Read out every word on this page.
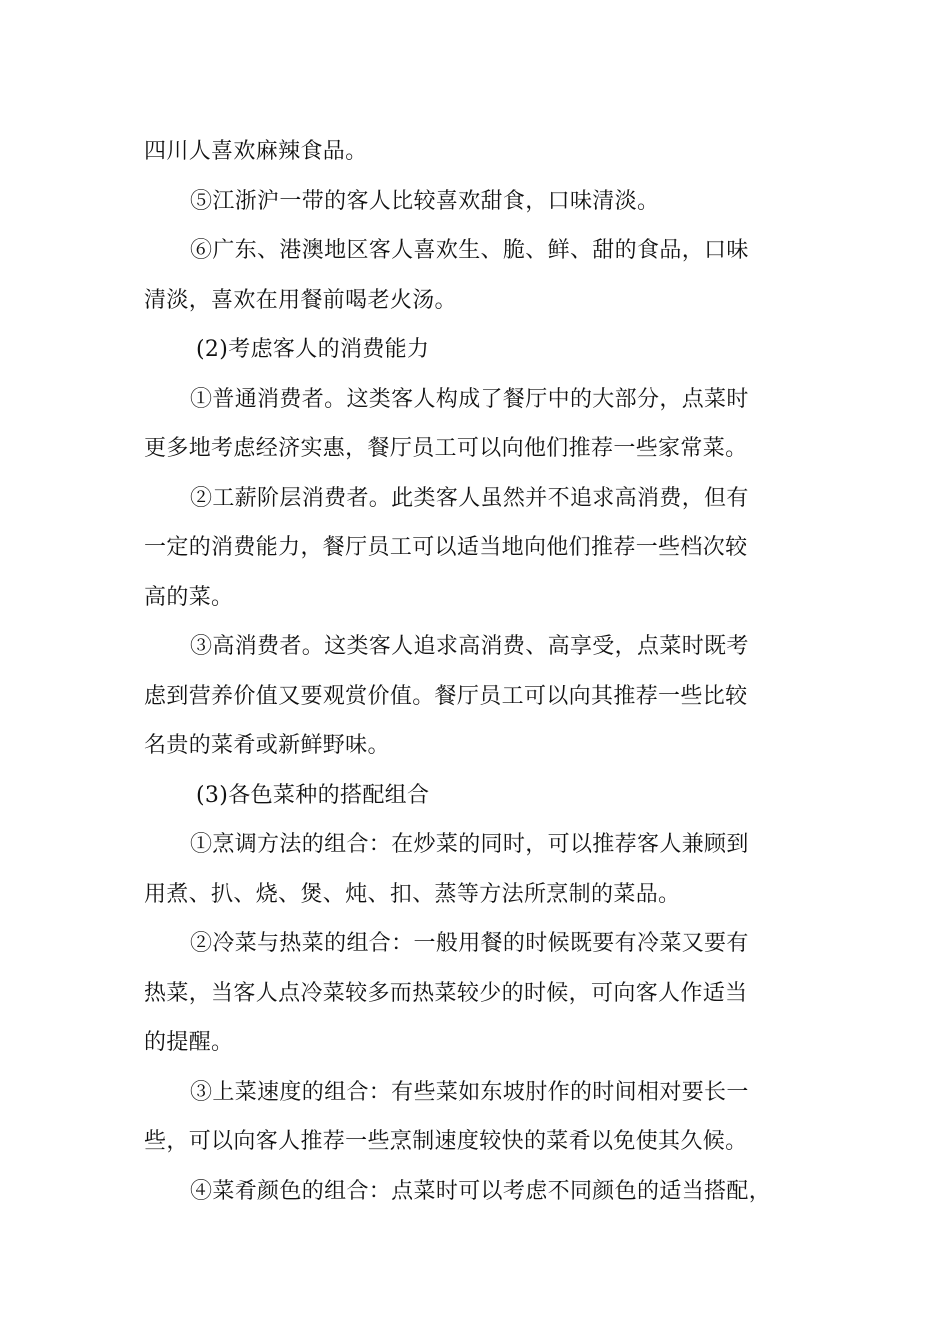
四川人喜欢麻辣食品。
⑤江浙沪一带的客人比较喜欢甜食，口味清淡。
⑥广东、港澳地区客人喜欢生、脆、鲜、甜的食品，口味
清淡，喜欢在用餐前喝老火汤。
(2)考虑客人的消费能力
①普通消费者。这类客人构成了餐厅中的大部分，点菜时
更多地考虑经济实惠，餐厅员工可以向他们推荐一些家常菜。
②工薪阶层消费者。此类客人虽然并不追求高消费，但有
一定的消费能力，餐厅员工可以适当地向他们推荐一些档次较
高的菜。
③高消费者。这类客人追求高消费、高享受，点菜时既考
虑到营养价值又要观赏价值。餐厅员工可以向其推荐一些比较
名贵的菜肴或新鲜野味。
(3)各色菜种的搭配组合
①烹调方法的组合：在炒菜的同时，可以推荐客人兼顾到
用煮、扒、烧、煲、炖、扣、蒸等方法所烹制的菜品。
②冷菜与热菜的组合：一般用餐的时候既要有冷菜又要有
热菜，当客人点冷菜较多而热菜较少的时候，可向客人作适当
的提醒。
③上菜速度的组合：有些菜如东坡肘作的时间相对要长一
些，可以向客人推荐一些烹制速度较快的菜肴以免使其久候。
④菜肴颜色的组合：点菜时可以考虑不同颜色的适当搭配，
